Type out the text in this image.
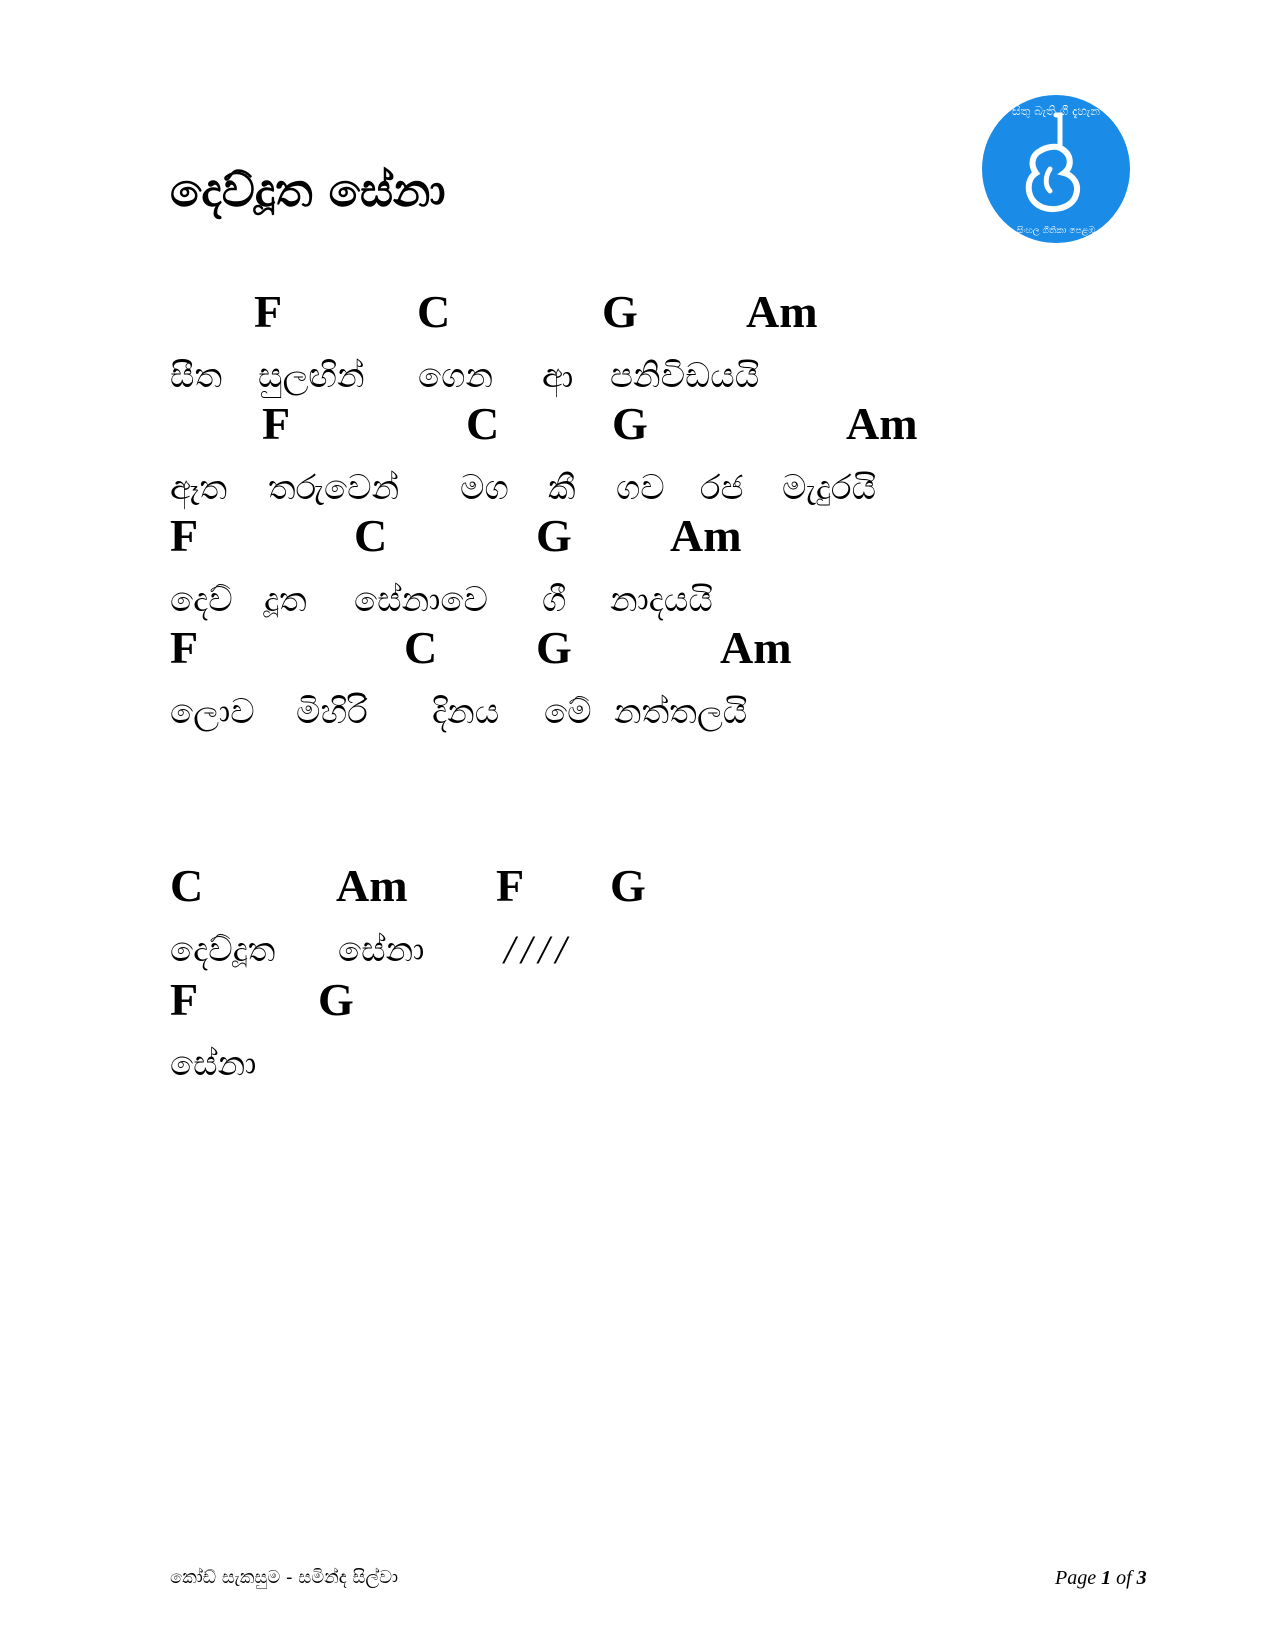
දෙව්දූත සේනා
සිතු බැති ගී දැහැන
සිංහල ගීතිකා පෙළඹ
F	C	G Am
සීත සුලඟින් ගෙන ආ පනිවිඩයයි
F	C G	Am
ඈත තරුවෙන් මග කී ගව රජ මැදුරයි
F	C	G Am
දෙව් දූත සේනාවෙ ගී නාදයයි
F	C G	Am
ලොව මිහිරි දිනය මේ නත්තලයි
C	Am F G
දෙව්දූත සේනා ////
F	G
සේනා
කෝඩ් සැකසුම - සමින්ද සිල්වා	Page 1 of 3
